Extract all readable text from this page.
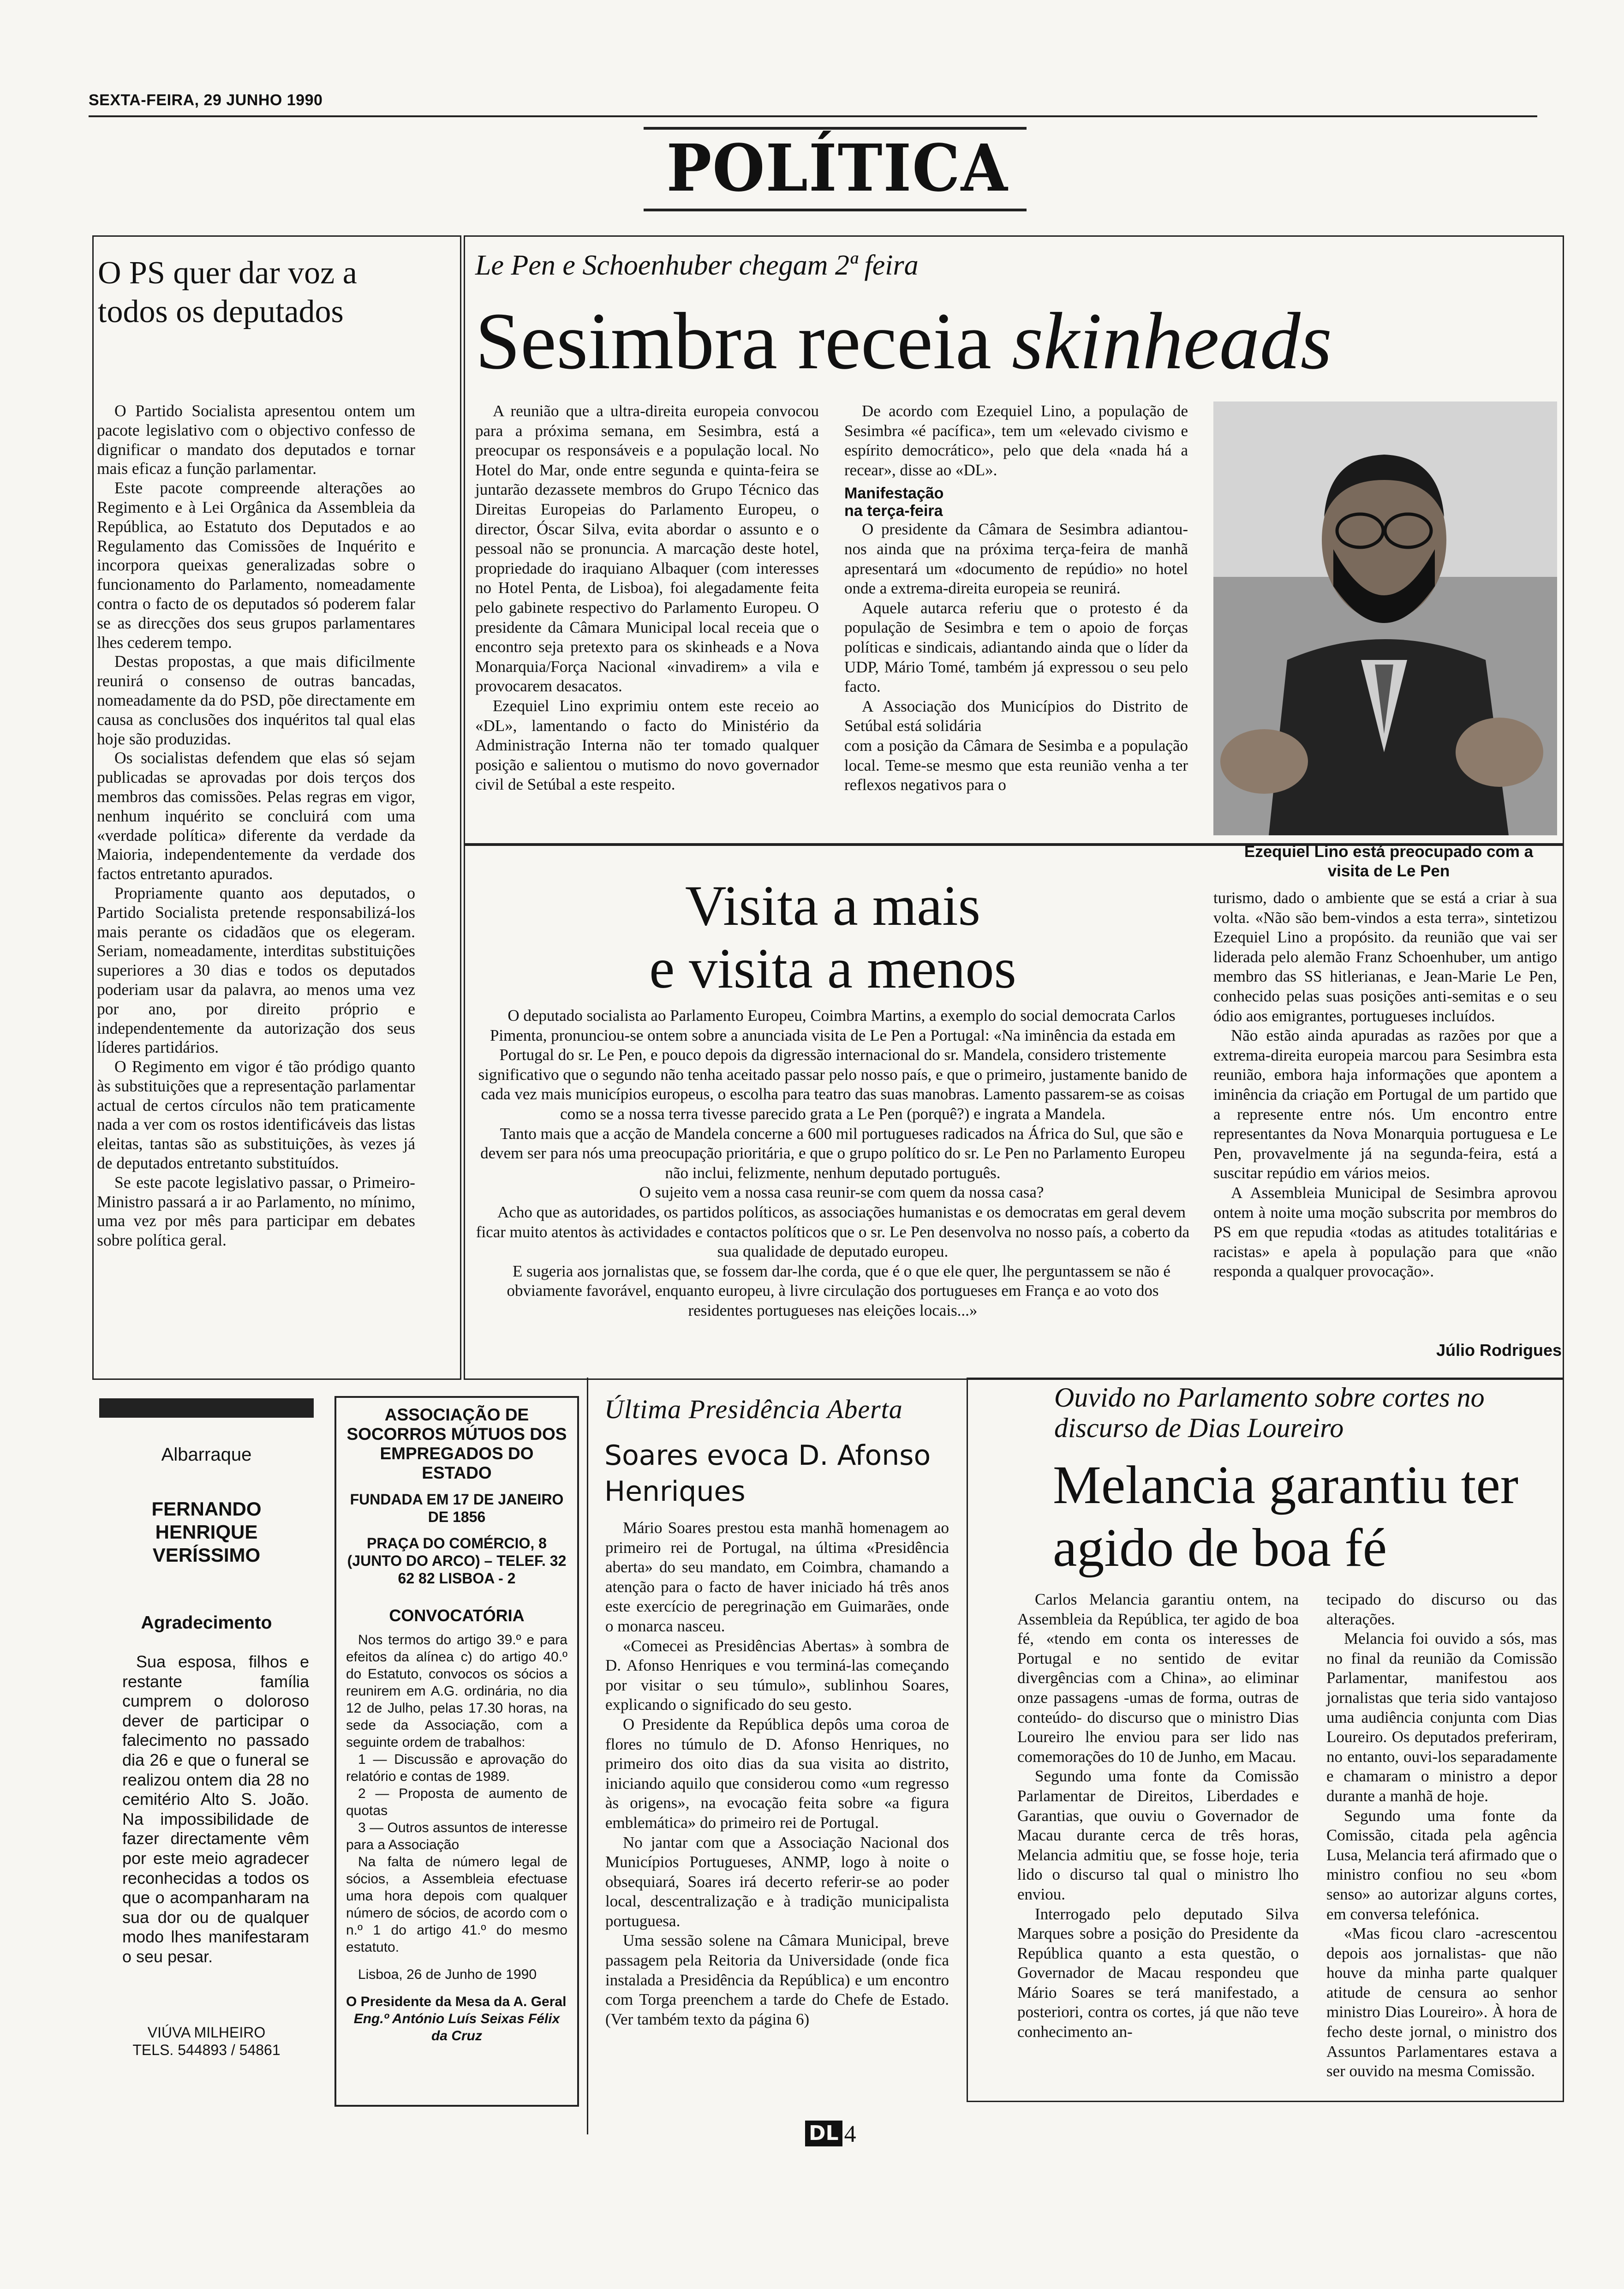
SEXTA-FEIRA, 29 JUNHO 1990
POLÍTICA
O PS quer dar voz a todos os deputados

O Partido Socialista apresentou ontem um pacote legislativo com o objectivo confesso de dignificar o mandato dos deputados e tornar mais eficaz a função parlamentar.

Este pacote compreende alterações ao Regimento e à Lei Orgânica da Assembleia da República, ao Estatuto dos Deputados e ao Regulamento das Comissões de Inquérito e incorpora queixas generalizadas sobre o funcionamento do Parlamento, nomeadamente contra o facto de os deputados só poderem falar se as direcções dos seus grupos parlamentares lhes cederem tempo.

Destas propostas, a que mais dificilmente reunirá o consenso de outras bancadas, nomeadamente da do PSD, põe directamente em causa as conclusões dos inquéritos tal qual elas hoje são produzidas.

Os socialistas defendem que elas só sejam publicadas se aprovadas por dois terços dos membros das comissões. Pelas regras em vigor, nenhum inquérito se concluirá com uma «verdade política» diferente da verdade da Maioria, independentemente da verdade dos factos entretanto apurados.

Propriamente quanto aos deputados, o Partido Socialista pretende responsabilizá-los mais perante os cidadãos que os elegeram. Seriam, nomeadamente, interditas substituições superiores a 30 dias e todos os deputados poderiam usar da palavra, ao menos uma vez por ano, por direito próprio e independentemente da autorização dos seus líderes partidários.

O Regimento em vigor é tão pródigo quanto às substituições que a representação parlamentar actual de certos círculos não tem praticamente nada a ver com os rostos identificáveis das listas eleitas, tantas são as substituições, às vezes já de deputados entretanto substituídos.

Se este pacote legislativo passar, o Primeiro-Ministro passará a ir ao Parlamento, no mínimo, uma vez por mês para participar em debates sobre política geral.

Le Pen e Schoenhuber chegam 2ª feira
Sesimbra receia skinheads

A reunião que a ultra-direita europeia convocou para a próxima semana, em Sesimbra, está a preocupar os responsáveis e a população local. No Hotel do Mar, onde entre segunda e quinta-feira se juntarão dezassete membros do Grupo Técnico das Direitas Europeias do Parlamento Europeu, o director, Óscar Silva, evita abordar o assunto e o pessoal não se pronuncia. A marcação deste hotel, propriedade do iraquiano Albaquer (com interesses no Hotel Penta, de Lisboa), foi alegadamente feita pelo gabinete respectivo do Parlamento Europeu. O presidente da Câmara Municipal local receia que o encontro seja pretexto para os skinheads e a Nova Monarquia/Força Nacional «invadirem» a vila e provocarem desacatos.

Ezequiel Lino exprimiu ontem este receio ao «DL», lamentando o facto do Ministério da Administração Interna não ter tomado qualquer posição e salientou o mutismo do novo governador civil de Setúbal a este respeito.

De acordo com Ezequiel Lino, a população de Sesimbra «é pacífica», tem um «elevado civismo e espírito democrático», pelo que dela «nada há a recear», disse ao «DL».

Manifestação na terça-feira

O presidente da Câmara de Sesimbra adiantou-nos ainda que na próxima terça-feira de manhã apresentará um «documento de repúdio» no hotel onde a extrema-direita europeia se reunirá.

Aquele autarca referiu que o protesto é da população de Sesimbra e tem o apoio de forças políticas e sindicais, adiantando ainda que o líder da UDP, Mário Tomé, também já expressou o seu pelo facto.

A Associação dos Municípios do Distrito de Setúbal está solidária

com a posição da Câmara de Sesimba e a população local. Teme-se mesmo que esta reunião venha a ter reflexos negativos para o

Ezequiel Lino está preocupado com a visita de Le Pen
Visita a mais
e visita a menos

O deputado socialista ao Parlamento Europeu, Coimbra Martins, a exemplo do social democrata Carlos Pimenta, pronunciou-se ontem sobre a anunciada visita de Le Pen a Portugal: «Na iminência da estada em Portugal do sr. Le Pen, e pouco depois da digressão internacional do sr. Mandela, considero tristemente significativo que o segundo não tenha aceitado passar pelo nosso país, e que o primeiro, justamente banido de cada vez mais municípios europeus, o escolha para teatro das suas manobras. Lamento passarem-se as coisas como se a nossa terra tivesse parecido grata a Le Pen (porquê?) e ingrata a Mandela.

Tanto mais que a acção de Mandela concerne a 600 mil portugueses radicados na África do Sul, que são e devem ser para nós uma preocupação prioritária, e que o grupo político do sr. Le Pen no Parlamento Europeu não inclui, felizmente, nenhum deputado português.

O sujeito vem a nossa casa reunir-se com quem da nossa casa?

Acho que as autoridades, os partidos políticos, as associações humanistas e os democratas em geral devem ficar muito atentos às actividades e contactos políticos que o sr. Le Pen desenvolva no nosso país, a coberto da sua qualidade de deputado europeu.

E sugeria aos jornalistas que, se fossem dar-lhe corda, que é o que ele quer, lhe perguntassem se não é obviamente favorável, enquanto europeu, à livre circulação dos portugueses em França e ao voto dos residentes portugueses nas eleições locais...»

turismo, dado o ambiente que se está a criar à sua volta. «Não são bem-vindos a esta terra», sintetizou Ezequiel Lino a propósito. da reunião que vai ser liderada pelo alemão Franz Schoenhuber, um antigo membro das SS hitlerianas, e Jean-Marie Le Pen, conhecido pelas suas posições anti-semitas e o seu ódio aos emigrantes, portugueses incluídos.

Não estão ainda apuradas as razões por que a extrema-direita europeia marcou para Sesimbra esta reunião, embora haja informações que apontem a iminência da criação em Portugal de um partido que a represente entre nós. Um encontro entre representantes da Nova Monarquia portuguesa e Le Pen, provavelmente já na segunda-feira, está a suscitar repúdio em vários meios.

A Assembleia Municipal de Sesimbra aprovou ontem à noite uma moção subscrita por membros do PS em que repudia «todas as atitudes totalitárias e racistas» e apela à população para que «não responda a qualquer provocação».

Júlio Rodrigues
Albarraque
FERNANDO
HENRIQUE
VERÍSSIMO
Agradecimento
Sua esposa, filhos e restante família cumprem o doloroso dever de participar o falecimento no passado dia 26 e que o funeral se realizou ontem dia 28 no cemitério Alto S. João. Na impossibilidade de fazer directamente vêm por este meio agradecer reconhecidas a todos os que o acompanharam na sua dor ou de qualquer modo lhes manifestaram o seu pesar.
VIÚVA MILHEIRO
TELS. 544893 / 54861
ASSOCIAÇÃO DE SOCORROS MÚTUOS DOS EMPREGADOS DO ESTADO
FUNDADA EM 17 DE JANEIRO DE 1856
PRAÇA DO COMÉRCIO, 8 (JUNTO DO ARCO) – TELEF. 32 62 82 LISBOA - 2
CONVOCATÓRIA
Nos termos do artigo 39.º e para efeitos da alínea c) do artigo 40.º do Estatuto, convocos os sócios a reunirem em A.G. ordinária, no dia 12 de Julho, pelas 17.30 horas, na sede da Associação, com a seguinte ordem de trabalhos:
1 — Discussão e aprovação do relatório e contas de 1989.
2 — Proposta de aumento de quotas
3 — Outros assuntos de interesse para a Associação
Na falta de número legal de sócios, a Assembleia efectuase uma hora depois com qualquer número de sócios, de acordo com o n.º 1 do artigo 41.º do mesmo estatuto.
Lisboa, 26 de Junho de 1990
O Presidente da Mesa da A. Geral
Eng.º António Luís Seixas Félix da Cruz
Última Presidência Aberta
Soares evoca D. Afonso Henriques

Mário Soares prestou esta manhã homenagem ao primeiro rei de Portugal, na última «Presidência aberta» do seu mandato, em Coimbra, chamando a atenção para o facto de haver iniciado há três anos este exercício de peregrinação em Guimarães, onde o monarca nasceu.

«Comecei as Presidências Abertas» à sombra de D. Afonso Henriques e vou terminá-las começando por visitar o seu túmulo», sublinhou Soares, explicando o significado do seu gesto.

O Presidente da República depôs uma coroa de flores no túmulo de D. Afonso Henriques, no primeiro dos oito dias da sua visita ao distrito, iniciando aquilo que considerou como «um regresso às origens», na evocação feita sobre «a figura emblemática» do primeiro rei de Portugal.

No jantar com que a Associação Nacional dos Municípios Portugueses, ANMP, logo à noite o obsequiará, Soares irá decerto referir-se ao poder local, descentralização e à tradição municipalista portuguesa.

Uma sessão solene na Câmara Municipal, breve passagem pela Reitoria da Universidade (onde fica instalada a Presidência da República) e um encontro com Torga preenchem a tarde do Chefe de Estado. (Ver também texto da página 6)

Ouvido no Parlamento sobre cortes no discurso de Dias Loureiro
Melancia garantiu ter agido de boa fé

Carlos Melancia garantiu ontem, na Assembleia da República, ter agido de boa fé, «tendo em conta os interesses de Portugal e no sentido de evitar divergências com a China», ao eliminar onze passagens -umas de forma, outras de conteúdo- do discurso que o ministro Dias Loureiro lhe enviou para ser lido nas comemorações do 10 de Junho, em Macau.

Segundo uma fonte da Comissão Parlamentar de Direitos, Liberdades e Garantias, que ouviu o Governador de Macau durante cerca de três horas, Melancia admitiu que, se fosse hoje, teria lido o discurso tal qual o ministro lho enviou.

Interrogado pelo deputado Silva Marques sobre a posição do Presidente da República quanto a esta questão, o Governador de Macau respondeu que Mário Soares se terá manifestado, a posteriori, contra os cortes, já que não teve conhecimento an-

tecipado do discurso ou das alterações.

Melancia foi ouvido a sós, mas no final da reunião da Comissão Parlamentar, manifestou aos jornalistas que teria sido vantajoso uma audiência conjunta com Dias Loureiro. Os deputados preferiram, no entanto, ouvi-los separadamente e chamaram o ministro a depor durante a manhã de hoje.

Segundo uma fonte da Comissão, citada pela agência Lusa, Melancia terá afirmado que o ministro confiou no seu «bom senso» ao autorizar alguns cortes, em conversa telefónica.

«Mas ficou claro -acrescentou depois aos jornalistas- que não houve da minha parte qualquer atitude de censura ao senhor ministro Dias Loureiro». À hora de fecho deste jornal, o ministro dos Assuntos Parlamentares estava a ser ouvido na mesma Comissão.

DL 4
